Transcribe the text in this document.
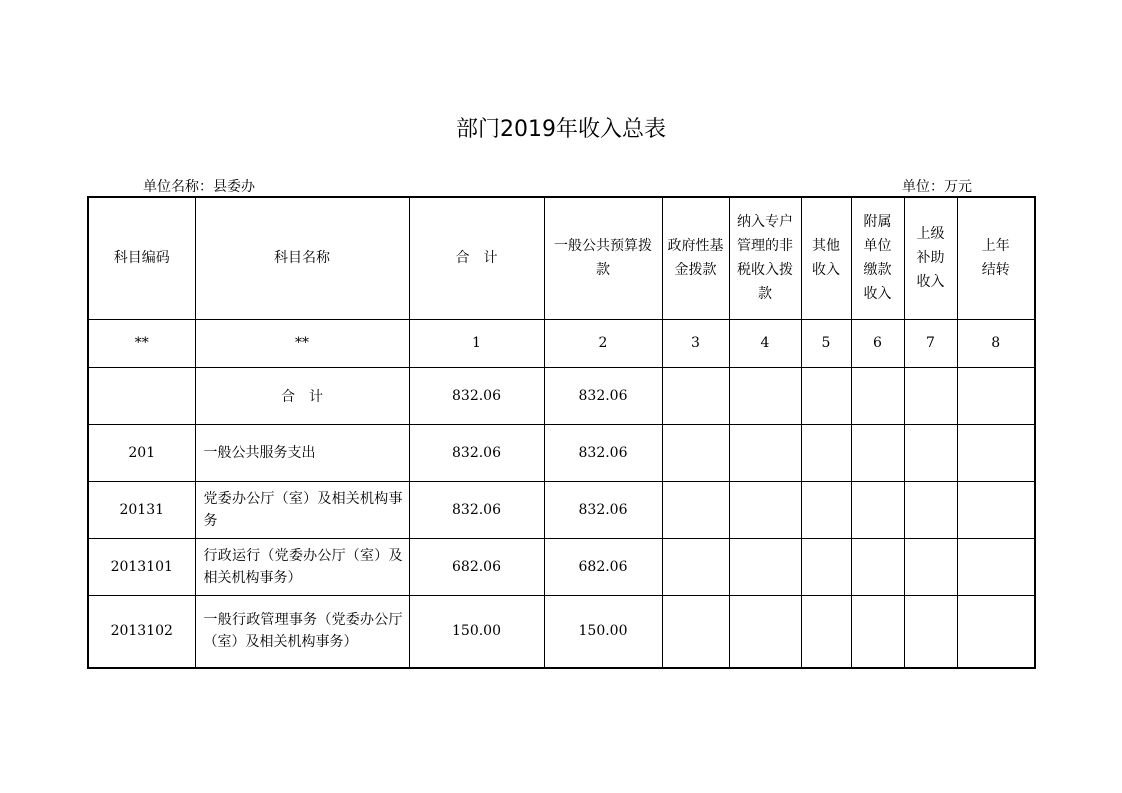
部门2019年收入总表
单位名称：县委办	单位：万元
科目编码	科目名称	合　计	一般公共预算拨款	政府性基金拨款	纳入专户管理的非税收入拨款	其他收入	附属单位缴款收入	上级补助收入	上年结转
**	**	1	2	3	4	5	6	7	8
	合　计	832.06	832.06						
201	一般公共服务支出	832.06	832.06						
20131	党委办公厅（室）及相关机构事务	832.06	832.06						
2013101	行政运行（党委办公厅（室）及相关机构事务）	682.06	682.06						
2013102	一般行政管理事务（党委办公厅（室）及相关机构事务）	150.00	150.00						
